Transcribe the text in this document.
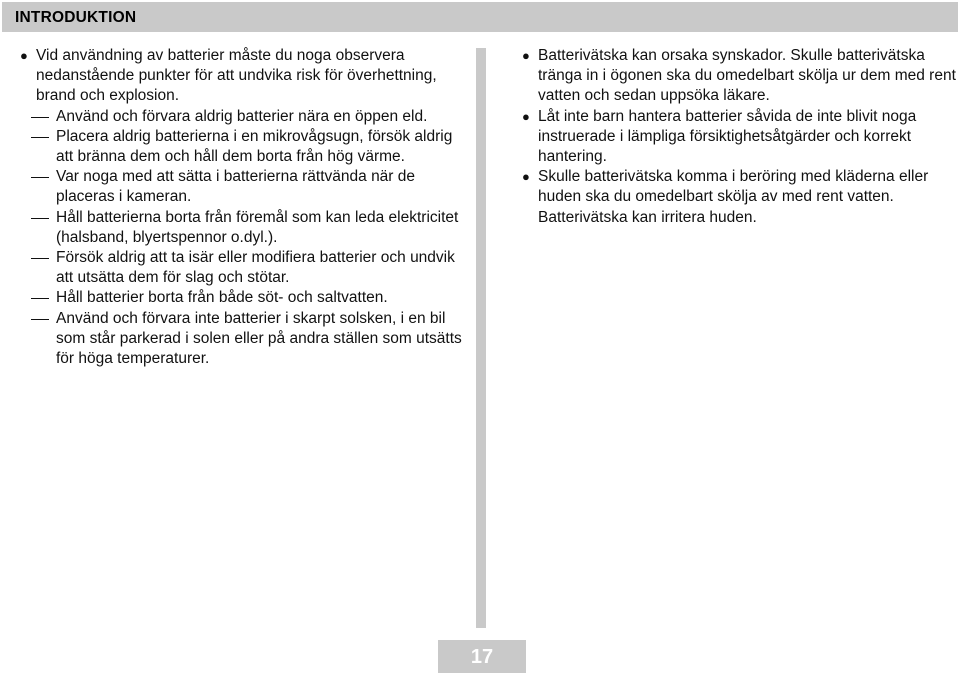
INTRODUKTION

● Vid användning av batterier måste du noga observera nedanstående punkter för att undvika risk för överhettning, brand och explosion.

Använd och förvara aldrig batterier nära en öppen eld.

Placera aldrig batterierna i en mikrovågsugn, försök aldrig att bränna dem och håll dem borta från hög värme.

Var noga med att sätta i batterierna rättvända när de placeras i kameran.

Håll batterierna borta från föremål som kan leda elektricitet (halsband, blyertspennor o.dyl.).

Försök aldrig att ta isär eller modifiera batterier och undvik att utsätta dem för slag och stötar.

Håll batterier borta från både söt- och saltvatten.

Använd och förvara inte batterier i skarpt solsken, i en bil som står parkerad i solen eller på andra ställen som utsätts för höga temperaturer.

● Batterivätska kan orsaka synskador. Skulle batterivätska tränga in i ögonen ska du omedelbart skölja ur dem med rent vatten och sedan uppsöka läkare.

● Låt inte barn hantera batterier såvida de inte blivit noga instruerade i lämpliga försiktighetsåtgärder och korrekt hantering.

● Skulle batterivätska komma i beröring med kläderna eller huden ska du omedelbart skölja av med rent vatten. Batterivätska kan irritera huden.

17
